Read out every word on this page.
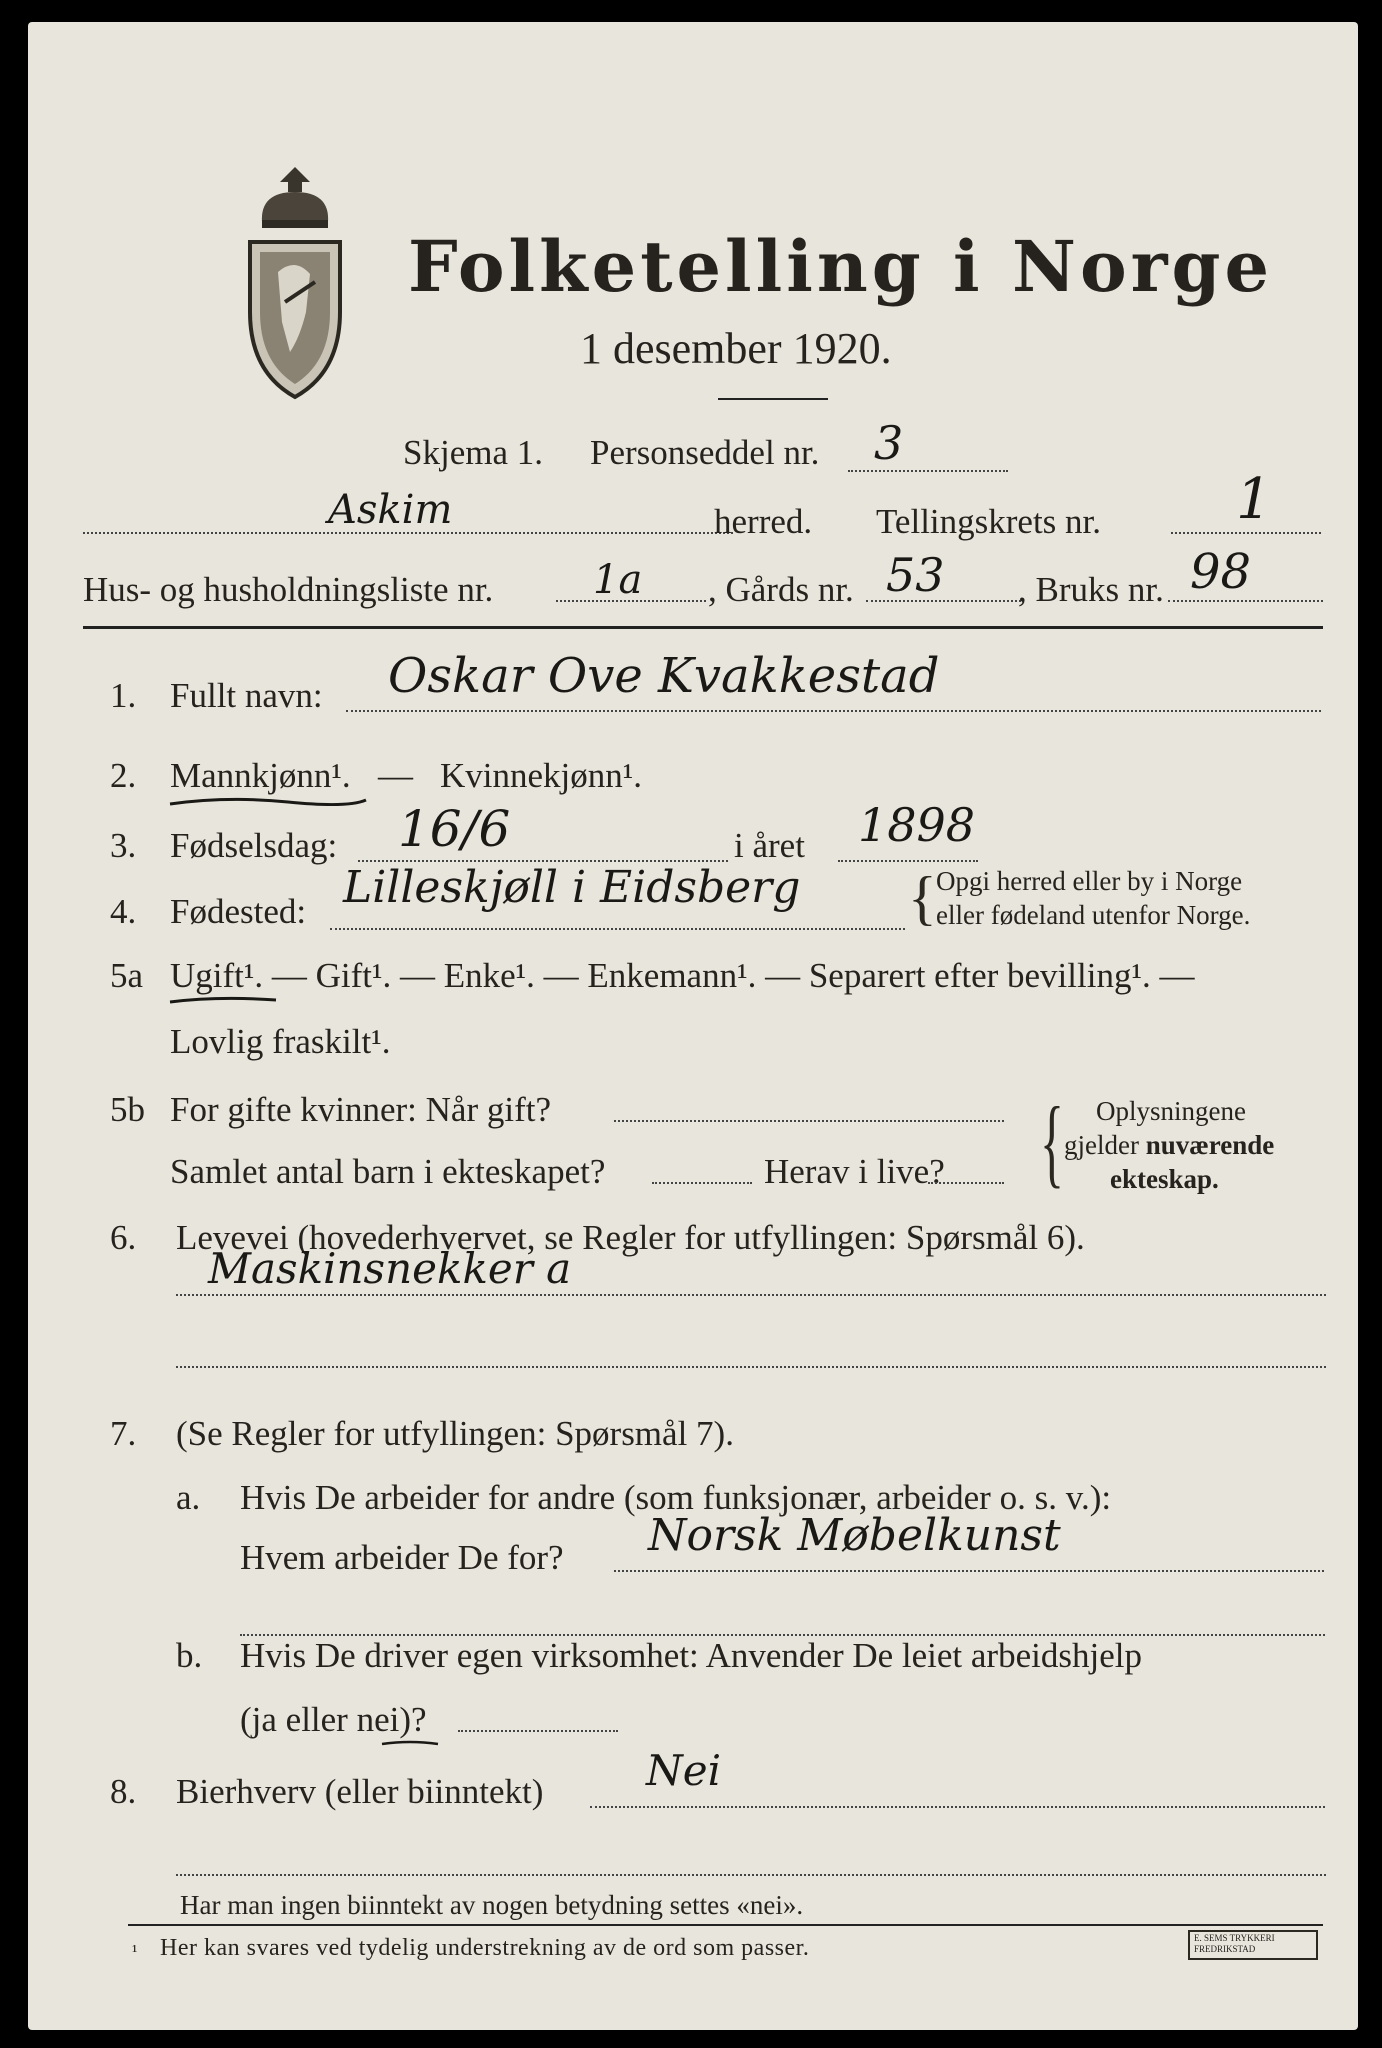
Folketelling i Norge
1 desember 1920.
Skjema 1. Personseddel nr. 3
Askim	herred. Tellingskrets nr. 1
Hus- og husholdningsliste nr. 1a , Gårds nr. 53 , Bruks nr. 98
1. Fullt navn: Oskar Ove Kvakkestad
2. Mannkjønn¹. — Kvinnekjønn¹.
3. Fødselsdag: 16/6	i året 1898
4. Fødested: Lilleskjøll i Eidsberg { Opgi herred eller by i Norge
eller fødeland utenfor Norge.
5a Ugift¹. — Gift¹. — Enke¹. — Enkemann¹. — Separert efter bevilling¹. —
Lovlig fraskilt¹.
5b For gifte kvinner: Når gift?
Samlet antal barn i ekteskapet?	Herav i live? { Oplysningene
gjelder nuværende
ekteskap.
6. Levevei (hovederhvervet, se Regler for utfyllingen: Spørsmål 6).
Maskinsnekker a
7. (Se Regler for utfyllingen: Spørsmål 7).
a. Hvis De arbeider for andre (som funksjonær, arbeider o. s. v.):
Hvem arbeider De for? Norsk Møbelkunst
b. Hvis De driver egen virksomhet: Anvender De leiet arbeidshjelp
(ja eller nei)?
8. Bierhverv (eller biinntekt) Nei
Har man ingen biinntekt av nogen betydning settes «nei».
¹ Her kan svares ved tydelig understrekning av de ord som passer.	E. SEMS TRYKKERI
FREDRIKSTAD
